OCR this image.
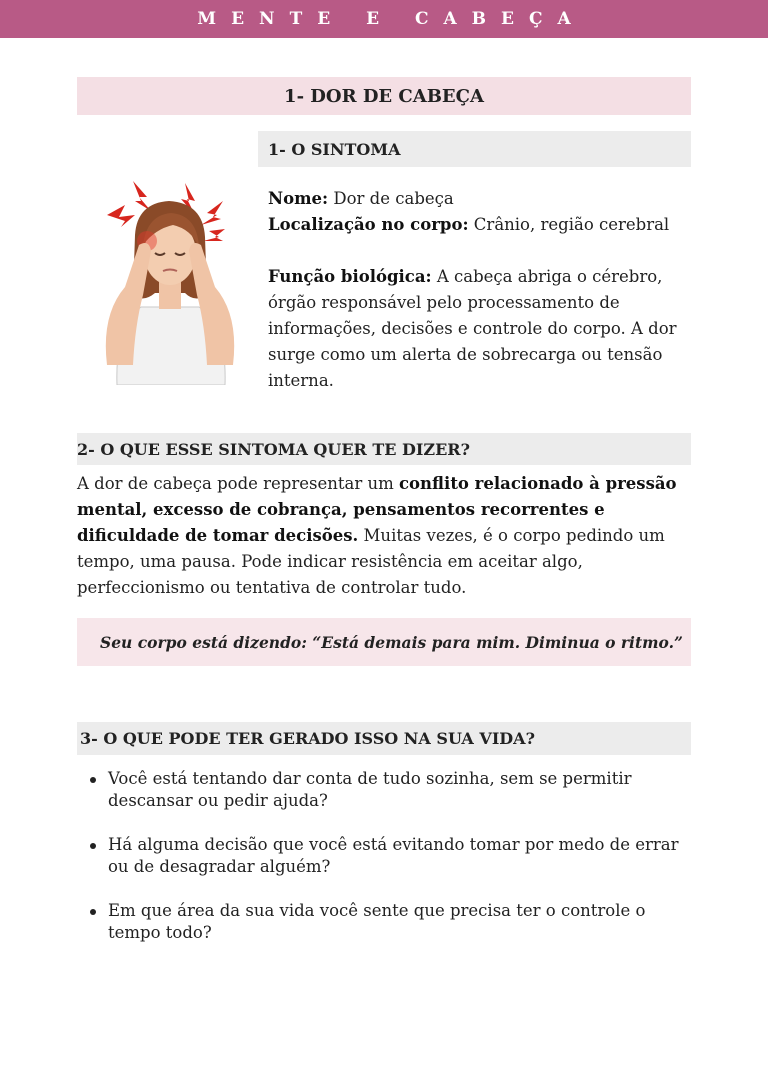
MENTE E CABEÇA
1- DOR DE CABEÇA
1- O SINTOMA

Nome: Dor de cabeça

Localização no corpo: Crânio, região cerebral

Função biológica: A cabeça abriga o cérebro, órgão responsável pelo processamento de informações, decisões e controle do corpo. A dor surge como um alerta de sobrecarga ou tensão interna.

2- O QUE ESSE SINTOMA QUER TE DIZER?

A dor de cabeça pode representar um conflito relacionado à pressão mental, excesso de cobrança, pensamentos recorrentes e dificuldade de tomar decisões. Muitas vezes, é o corpo pedindo um tempo, uma pausa. Pode indicar resistência em aceitar algo, perfeccionismo ou tentativa de controlar tudo.

Seu corpo está dizendo: “Está demais para mim. Diminua o ritmo.”
3- O QUE PODE TER GERADO ISSO NA SUA VIDA?
Você está tentando dar conta de tudo sozinha, sem se permitir descansar ou pedir ajuda?
Há alguma decisão que você está evitando tomar por medo de errar ou de desagradar alguém?
Em que área da sua vida você sente que precisa ter o controle o tempo todo?
